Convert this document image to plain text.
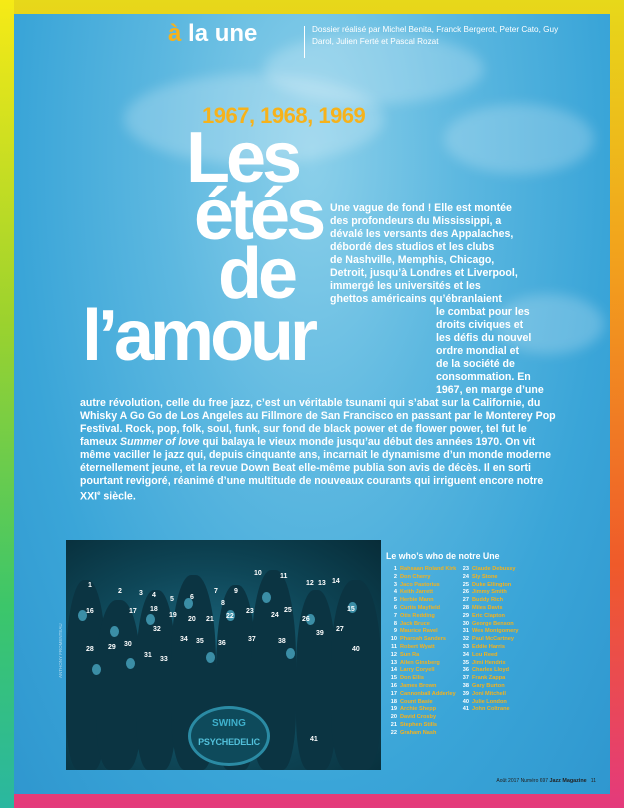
à la une	Dossier réalisé par Michel Benita, Franck Bergerot, Peter Cato, Guy Darol, Julien Ferté et Pascal Rozat
1967, 1968, 1969
Les
étés
de
l’amour

Une vague de fond ! Elle est montée

des profondeurs du Mississippi, a

dévalé les versants des Appalaches,

débordé des studios et les clubs

de Nashville, Memphis, Chicago,

Detroit, jusqu’à Londres et Liverpool,

immergé les universités et les

ghettos américains qu’ébranlaient

le combat pour les

droits civiques et

les défis du nouvel

ordre mondial et

de la société de

consommation. En

1967, en marge d’une

autre révolution, celle du free jazz, c’est un véritable tsunami qui s’abat sur la Californie, du Whisky A Go Go de Los Angeles au Fillmore de San Francisco en passant par le Monterey Pop Festival. Rock, pop, folk, soul, funk, sur fond de black power et de flower power, tel fut le fameux Summer of love qui balaya le vieux monde jusqu’au début des années 1970. On vit même vaciller le jazz qui, depuis cinquante ans, incarnait le dynamisme d’un monde moderne éternellement jeune, et la revue Down Beat elle-même publia son avis de décès. Il en sorti pourtant revigoré, réanimé d’une multitude de nouveaux courants qui irriguent encore notre XXIe siècle.
SWING
PSYCHEDELIC
1
2 3 4
5 6
7
8
9
10	11
12 13 14
15
16	17 18
19
20 21 22
23
24
25
26
27
28 29 30
31
32
33
34 35 36
37	38
39
40
41
ANTHONY FROMENTEAU
Le who’s who de notre Une
1 Rahsaan Roland Kirk
2 Don Cherry
3 Jaco Pastorius
4 Keith Jarrett
5 Herbie Mann
6 Curtis Mayfield
7 Otis Redding
8 Jack Bruce
9 Maurice Ravel
10 Pharoah Sanders
11 Robert Wyatt
12 Sun Ra
13 Allen Ginsberg
14 Larry Coryell
15 Don Ellis
16 James Brown
17 Cannonball Adderley
18 Count Basie
19 Archie Shepp
20 David Crosby
21 Stephen Stills
22 Graham Nash
23 Claude Debussy
24 Sly Stone
25 Duke Ellington
26 Jimmy Smith
27 Buddy Rich
28 Miles Davis
29 Eric Clapton
30 George Benson
31 Wes Montgomery
32 Paul McCartney
33 Eddie Harris
34 Lou Reed
35 Jimi Hendrix
36 Charles Lloyd
37 Frank Zappa
38 Gary Burton
39 Joni Mitchell
40 Julie London
41 John Coltrane
Août 2017 Numéro 697 Jazz Magazine 11
